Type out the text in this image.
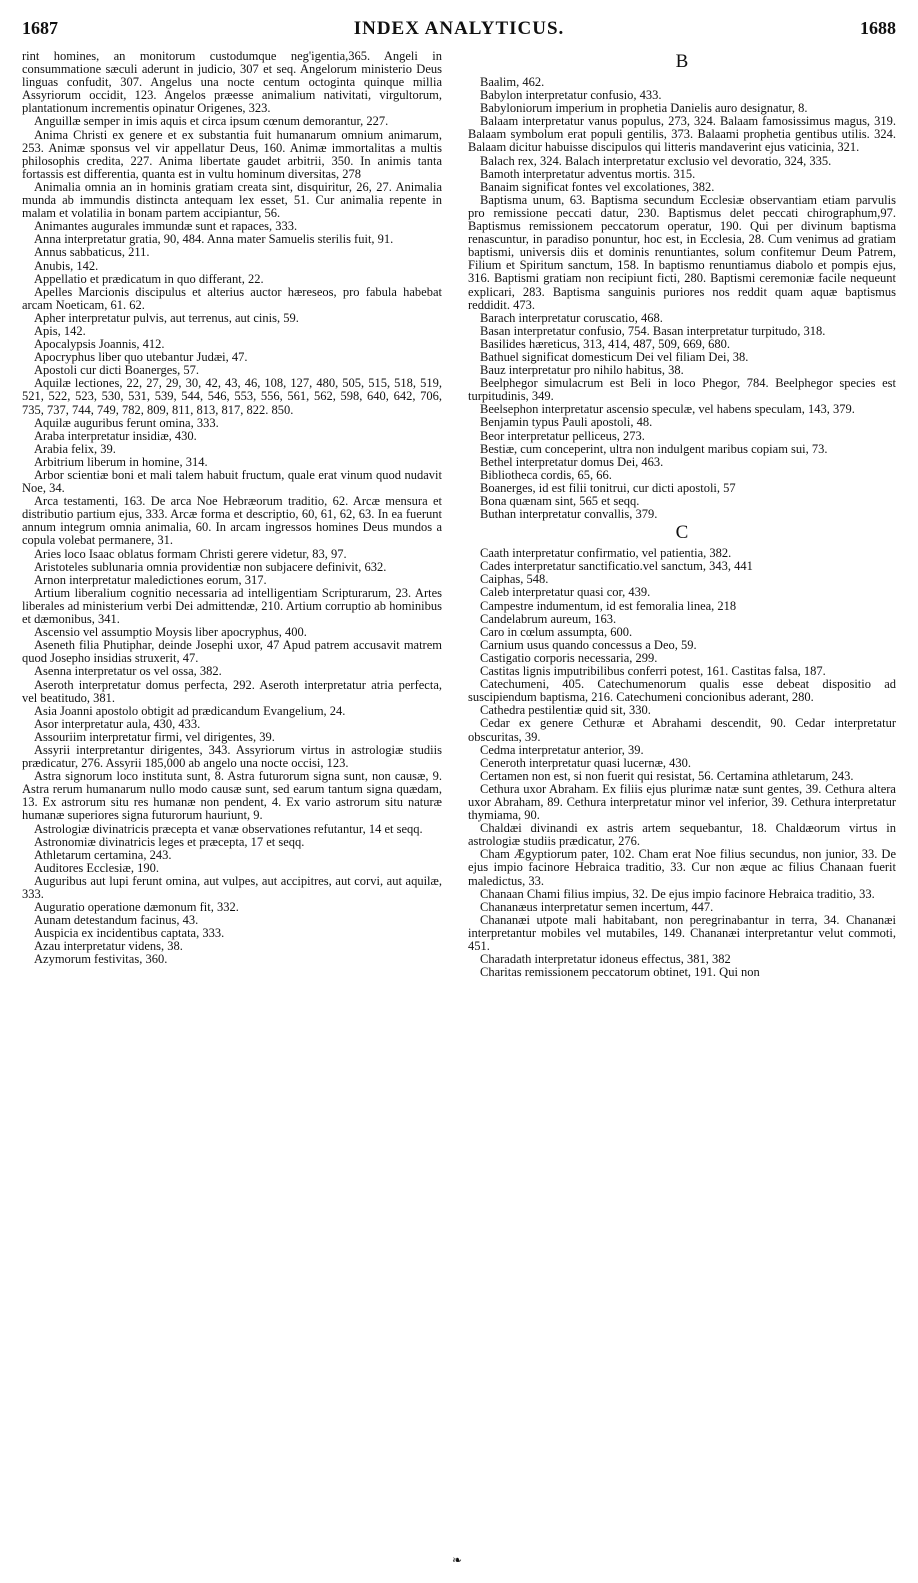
1687	INDEX ANALYTICUS.	1688

rint homines, an monitorum custodumque neg'igentia,365. Angeli in consummatione sæculi aderunt in judicio, 307 et seq. Angelorum ministerio Deus linguas confudit, 307. Angelus una nocte centum octoginta quinque millia Assyriorum occidit, 123. Angelos præesse animalium nativitati, virgultorum, plantationum incrementis opinatur Origenes, 323.

Anguillæ semper in imis aquis et circa ipsum cœnum demorantur, 227.

Anima Christi ex genere et ex substantia fuit humanarum omnium animarum, 253. Animæ sponsus vel vir appellatur Deus, 160. Animæ immortalitas a multis philosophis credita, 227. Anima libertate gaudet arbitrii, 350. In animis tanta fortassis est differentia, quanta est in vultu hominum diversitas, 278

Animalia omnia an in hominis gratiam creata sint, disquiritur, 26, 27. Animalia munda ab immundis distincta antequam lex esset, 51. Cur animalia repente in malam et volatilia in bonam partem accipiantur, 56.

Animantes augurales immundæ sunt et rapaces, 333.

Anna interpretatur gratia, 90, 484. Anna mater Samuelis sterilis fuit, 91.

Annus sabbaticus, 211.

Anubis, 142.

Appellatio et prædicatum in quo differant, 22.

Apelles Marcionis discipulus et alterius auctor hæreseos, pro fabula habebat arcam Noeticam, 61. 62.

Apher interpretatur pulvis, aut terrenus, aut cinis, 59.

Apis, 142.

Apocalypsis Joannis, 412.

Apocryphus liber quo utebantur Judæi, 47.

Apostoli cur dicti Boanerges, 57.

Aquilæ lectiones, 22, 27, 29, 30, 42, 43, 46, 108, 127, 480, 505, 515, 518, 519, 521, 522, 523, 530, 531, 539, 544, 546, 553, 556, 561, 562, 598, 640, 642, 706, 735, 737, 744, 749, 782, 809, 811, 813, 817, 822. 850.

Aquilæ auguribus ferunt omina, 333.

Araba interpretatur insidiæ, 430.

Arabia felix, 39.

Arbitrium liberum in homine, 314.

Arbor scientiæ boni et mali talem habuit fructum, quale erat vinum quod nudavit Noe, 34.

Arca testamenti, 163. De arca Noe Hebræorum traditio, 62. Arcæ mensura et distributio partium ejus, 333. Arcæ forma et descriptio, 60, 61, 62, 63. In ea fuerunt annum integrum omnia animalia, 60. In arcam ingressos homines Deus mundos a copula volebat permanere, 31.

Aries loco Isaac oblatus formam Christi gerere videtur, 83, 97.

Aristoteles sublunaria omnia providentiæ non subjacere definivit, 632.

Arnon interpretatur maledictiones eorum, 317.

Artium liberalium cognitio necessaria ad intelligentiam Scripturarum, 23. Artes liberales ad ministerium verbi Dei admittendæ, 210. Artium corruptio ab hominibus et dæmonibus, 341.

Ascensio vel assumptio Moysis liber apocryphus, 400.

Aseneth filia Phutiphar, deinde Josephi uxor, 47 Apud patrem accusavit matrem quod Josepho insidias struxerit, 47.

Asenna interpretatur os vel ossa, 382.

Aseroth interpretatur domus perfecta, 292. Aseroth interpretatur atria perfecta, vel beatitudo, 381.

Asia Joanni apostolo obtigit ad prædicandum Evangelium, 24.

Asor interpretatur aula, 430, 433.

Assouriim interpretatur firmi, vel dirigentes, 39.

Assyrii interpretantur dirigentes, 343. Assyriorum virtus in astrologiæ studiis prædicatur, 276. Assyrii 185,000 ab angelo una nocte occisi, 123.

Astra signorum loco instituta sunt, 8. Astra futurorum signa sunt, non causæ, 9. Astra rerum humanarum nullo modo causæ sunt, sed earum tantum signa quædam, 13. Ex astrorum situ res humanæ non pendent, 4. Ex vario astrorum situ naturæ humanæ superiores signa futurorum hauriunt, 9.

Astrologiæ divinatricis præcepta et vanæ observationes refutantur, 14 et seqq.

Astronomiæ divinatricis leges et præcepta, 17 et seqq.

Athletarum certamina, 243.

Auditores Ecclesiæ, 190.

Auguribus aut lupi ferunt omina, aut vulpes, aut accipitres, aut corvi, aut aquilæ, 333.

Auguratio operatione dæmonum fit, 332.

Aunam detestandum facinus, 43.

Auspicia ex incidentibus captata, 333.

Azau interpretatur videns, 38.

Azymorum festivitas, 360.

B

Baalim, 462.

Babylon interpretatur confusio, 433.

Babyloniorum imperium in prophetia Danielis auro designatur, 8.

Balaam interpretatur vanus populus, 273, 324. Balaam famosissimus magus, 319. Balaam symbolum erat populi gentilis, 373. Balaami prophetia gentibus utilis. 324. Balaam dicitur habuisse discipulos qui litteris mandaverint ejus vaticinia, 321.

Balach rex, 324. Balach interpretatur exclusio vel devoratio, 324, 335.

Bamoth interpretatur adventus mortis. 315.

Banaim significat fontes vel excolationes, 382.

Baptisma unum, 63. Baptisma secundum Ecclesiæ observantiam etiam parvulis pro remissione peccati datur, 230. Baptismus delet peccati chirographum,97. Baptismus remissionem peccatorum operatur, 190. Qui per divinum baptisma renascuntur, in paradiso ponuntur, hoc est, in Ecclesia, 28. Cum venimus ad gratiam baptismi, universis diis et dominis renuntiantes, solum confitemur Deum Patrem, Filium et Spiritum sanctum, 158. In baptismo renuntiamus diabolo et pompis ejus, 316. Baptismi gratiam non recipiunt ficti, 280. Baptismi ceremoniæ facile nequeunt explicari, 283. Baptisma sanguinis puriores nos reddit quam aquæ baptismus reddidit. 473.

Barach interpretatur coruscatio, 468.

Basan interpretatur confusio, 754. Basan interpretatur turpitudo, 318.

Basilides hæreticus, 313, 414, 487, 509, 669, 680.

Bathuel significat domesticum Dei vel filiam Dei, 38.

Bauz interpretatur pro nihilo habitus, 38.

Beelphegor simulacrum est Beli in loco Phegor, 784. Beelphegor species est turpitudinis, 349.

Beelsephon interpretatur ascensio speculæ, vel habens speculam, 143, 379.

Benjamin typus Pauli apostoli, 48.

Beor interpretatur pelliceus, 273.

Bestiæ, cum conceperint, ultra non indulgent maribus copiam sui, 73.

Bethel interpretatur domus Dei, 463.

Bibliotheca cordis, 65, 66.

Boanerges, id est filii tonitrui, cur dicti apostoli, 57

Bona quænam sint, 565 et seqq.

Buthan interpretatur convallis, 379.

C

Caath interpretatur confirmatio, vel patientia, 382.

Cades interpretatur sanctificatio.vel sanctum, 343, 441

Caiphas, 548.

Caleb interpretatur quasi cor, 439.

Campestre indumentum, id est femoralia linea, 218

Candelabrum aureum, 163.

Caro in cœlum assumpta, 600.

Carnium usus quando concessus a Deo, 59.

Castigatio corporis necessaria, 299.

Castitas lignis imputribilibus conferri potest, 161. Castitas falsa, 187.

Catechumeni, 405. Catechumenorum qualis esse debeat dispositio ad suscipiendum baptisma, 216. Catechumeni concionibus aderant, 280.

Cathedra pestilentiæ quid sit, 330.

Cedar ex genere Cethuræ et Abrahami descendit, 90. Cedar interpretatur obscuritas, 39.

Cedma interpretatur anterior, 39.

Ceneroth interpretatur quasi lucernæ, 430.

Certamen non est, si non fuerit qui resistat, 56. Certamina athletarum, 243.

Cethura uxor Abraham. Ex filiis ejus plurimæ natæ sunt gentes, 39. Cethura altera uxor Abraham, 89. Cethura interpretatur minor vel inferior, 39. Cethura interpretatur thymiama, 90.

Chaldæi divinandi ex astris artem sequebantur, 18. Chaldæorum virtus in astrologiæ studiis prædicatur, 276.

Cham Ægyptiorum pater, 102. Cham erat Noe filius secundus, non junior, 33. De ejus impio facinore Hebraica traditio, 33. Cur non æque ac filius Chanaan fuerit maledictus, 33.

Chanaan Chami filius impius, 32. De ejus impio facinore Hebraica traditio, 33.

Chananæus interpretatur semen incertum, 447.

Chananæi utpote mali habitabant, non peregrinabantur in terra, 34. Chananæi interpretantur mobiles vel mutabiles, 149. Chananæi interpretantur velut commoti, 451.

Charadath interpretatur idoneus effectus, 381, 382

Charitas remissionem peccatorum obtinet, 191. Qui non

❧
